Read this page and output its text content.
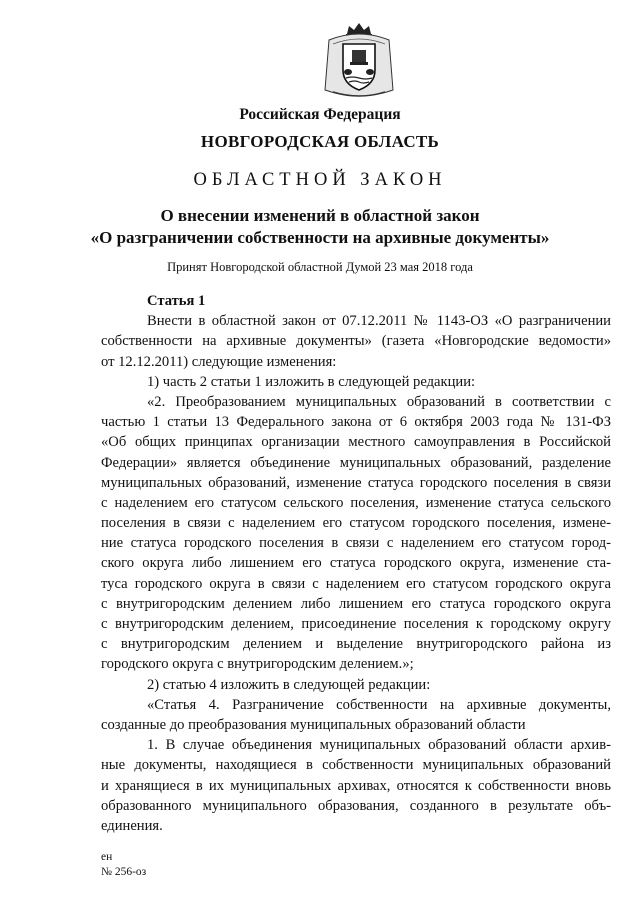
Российская Федерация
НОВГОРОДСКАЯ ОБЛАСТЬ
ОБЛАСТНОЙ ЗАКОН
О внесении изменений в областной закон
«О разграничении собственности на архивные документы»
Принят Новгородской областной Думой 23 мая 2018 года
Статья 1
Внести в областной закон от 07.12.2011 № 1143-ОЗ «О разграничении
собственности на архивные документы» (газета «Новгородские ведомости»
от 12.12.2011) следующие изменения:
1) часть 2 статьи 1 изложить в следующей редакции:
«2. Преобразованием муниципальных образований в соответствии с
частью 1 статьи 13 Федерального закона от 6 октября 2003 года № 131-ФЗ
«Об общих принципах организации местного самоуправления в Российской
Федерации» является объединение муниципальных образований, разделение
муниципальных образований, изменение статуса городского поселения в связи
с наделением его статусом сельского поселения, изменение статуса сельского
поселения в связи с наделением его статусом городского поселения, измене-
ние статуса городского поселения в связи с наделением его статусом город-
ского округа либо лишением его статуса городского округа, изменение ста-
туса городского округа в связи с наделением его статусом городского округа
с внутригородским делением либо лишением его статуса городского округа
с внутригородским делением, присоединение поселения к городскому округу
с внутригородским делением и выделение внутригородского района из
городского округа с внутригородским делением.»;
2) статью 4 изложить в следующей редакции:
«Статья 4. Разграничение собственности на архивные документы,
созданные до преобразования муниципальных образований области
1. В случае объединения муниципальных образований области архив-
ные документы, находящиеся в собственности муниципальных образований
и хранящиеся в их муниципальных архивах, относятся к собственности вновь
образованного муниципального образования, созданного в результате объ-
единения.
ен
№ 256-оз
